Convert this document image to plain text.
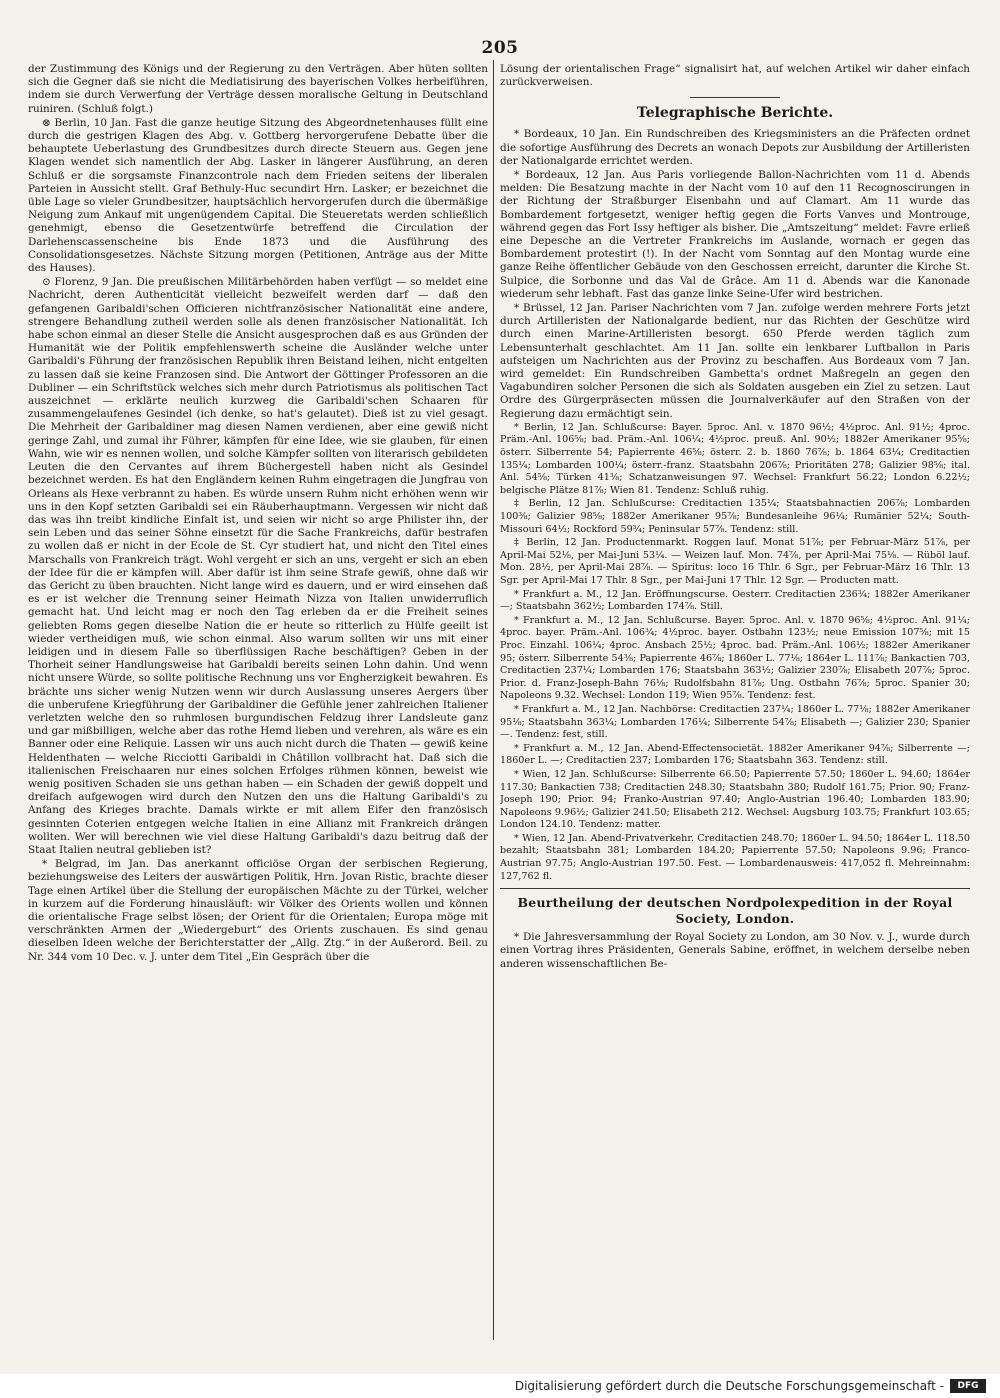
205

der Zustimmung des Königs und der Regierung zu den Verträgen. Aber hüten sollten sich die Gegner daß sie nicht die Mediatisirung des bayerischen Volkes herbeiführen, indem sie durch Verwerfung der Verträge dessen moralische Geltung in Deutschland ruiniren. (Schluß folgt.)

⊗ Berlin, 10 Jan. Fast die ganze heutige Sitzung des Abgeordnetenhauses füllt eine durch die gestrigen Klagen des Abg. v. Gottberg hervorgerufene Debatte über die behauptete Ueberlastung des Grundbesitzes durch directe Steuern aus. Gegen jene Klagen wendet sich namentlich der Abg. Lasker in längerer Ausführung, an deren Schluß er die sorgsamste Finanzcontrole nach dem Frieden seitens der liberalen Parteien in Aussicht stellt. Graf Bethuly-Huc secundirt Hrn. Lasker; er bezeichnet die üble Lage so vieler Grundbesitzer, hauptsächlich hervorgerufen durch die übermäßige Neigung zum Ankauf mit ungenügendem Capital. Die Steueretats werden schließlich genehmigt, ebenso die Gesetzentwürfe betreffend die Circulation der Darlehenscassenscheine bis Ende 1873 und die Ausführung des Consolidationsgesetzes. Nächste Sitzung morgen (Petitionen, Anträge aus der Mitte des Hauses).

⊙ Florenz, 9 Jan. Die preußischen Militärbehörden haben verfügt — so meldet eine Nachricht, deren Authenticität vielleicht bezweifelt werden darf — daß den gefangenen Garibaldi'schen Officieren nichtfranzösischer Nationalität eine andere, strengere Behandlung zutheil werden solle als denen französischer Nationalität. Ich habe schon einmal an dieser Stelle die Ansicht ausgesprochen daß es aus Gründen der Humanität wie der Politik empfehlenswerth scheine die Ausländer welche unter Garibaldi's Führung der französischen Republik ihren Beistand leihen, nicht entgelten zu lassen daß sie keine Franzosen sind. Die Antwort der Göttinger Professoren an die Dubliner — ein Schriftstück welches sich mehr durch Patriotismus als politischen Tact auszeichnet — erklärte neulich kurzweg die Garibaldi'schen Schaaren für zusammengelaufenes Gesindel (ich denke, so hat's gelautet). Dieß ist zu viel gesagt. Die Mehrheit der Garibaldiner mag diesen Namen verdienen, aber eine gewiß nicht geringe Zahl, und zumal ihr Führer, kämpfen für eine Idee, wie sie glauben, für einen Wahn, wie wir es nennen wollen, und solche Kämpfer sollten von literarisch gebildeten Leuten die den Cervantes auf ihrem Büchergestell haben nicht als Gesindel bezeichnet werden. Es hat den Engländern keinen Ruhm eingetragen die Jungfrau von Orleans als Hexe verbrannt zu haben. Es würde unsern Ruhm nicht erhöhen wenn wir uns in den Kopf setzten Garibaldi sei ein Räuberhauptmann. Vergessen wir nicht daß das was ihn treibt kindliche Einfalt ist, und seien wir nicht so arge Philister ihn, der sein Leben und das seiner Söhne einsetzt für die Sache Frankreichs, dafür bestrafen zu wollen daß er nicht in der Ecole de St. Cyr studiert hat, und nicht den Titel eines Marschalls von Frankreich trägt. Wohl vergeht er sich an uns, vergeht er sich an eben der Idee für die er kämpfen will. Aber dafür ist ihm seine Strafe gewiß, ohne daß wir das Gericht zu üben brauchten. Nicht lange wird es dauern, und er wird einsehen daß es er ist welcher die Trennung seiner Heimath Nizza von Italien unwiderruflich gemacht hat. Und leicht mag er noch den Tag erleben da er die Freiheit seines geliebten Roms gegen dieselbe Nation die er heute so ritterlich zu Hülfe geeilt ist wieder vertheidigen muß, wie schon einmal. Also warum sollten wir uns mit einer leidigen und in diesem Falle so überflüssigen Rache beschäftigen? Geben in der Thorheit seiner Handlungsweise hat Garibaldi bereits seinen Lohn dahin. Und wenn nicht unsere Würde, so sollte politische Rechnung uns vor Engherzigkeit bewahren. Es brächte uns sicher wenig Nutzen wenn wir durch Auslassung unseres Aergers über die unberufene Kriegführung der Garibaldiner die Gefühle jener zahlreichen Italiener verletzten welche den so ruhmlosen burgundischen Feldzug ihrer Landsleute ganz und gar mißbilligen, welche aber das rothe Hemd lieben und verehren, als wäre es ein Banner oder eine Reliquie. Lassen wir uns auch nicht durch die Thaten — gewiß keine Heldenthaten — welche Ricciotti Garibaldi in Châtillon vollbracht hat. Daß sich die italienischen Freischaaren nur eines solchen Erfolges rühmen können, beweist wie wenig positiven Schaden sie uns gethan haben — ein Schaden der gewiß doppelt und dreifach aufgewogen wird durch den Nutzen den uns die Haltung Garibaldi's zu Anfang des Krieges brachte. Damals wirkte er mit allem Eifer den französisch gesinnten Coterien entgegen welche Italien in eine Allianz mit Frankreich drängen wollten. Wer will berechnen wie viel diese Haltung Garibaldi's dazu beitrug daß der Staat Italien neutral geblieben ist?

* Belgrad, im Jan. Das anerkannt officiöse Organ der serbischen Regierung, beziehungsweise des Leiters der auswärtigen Politik, Hrn. Jovan Ristic, brachte dieser Tage einen Artikel über die Stellung der europäischen Mächte zu der Türkei, welcher in kurzem auf die Forderung hinausläuft: wir Völker des Orients wollen und können die orientalische Frage selbst lösen; der Orient für die Orientalen; Europa möge mit verschränkten Armen der „Wiedergeburt“ des Orients zuschauen. Es sind genau dieselben Ideen welche der Berichterstatter der „Allg. Ztg.“ in der Außerord. Beil. zu Nr. 344 vom 10 Dec. v. J. unter dem Titel „Ein Gespräch über die

Lösung der orientalischen Frage“ signalisirt hat, auf welchen Artikel wir daher einfach zurückverweisen.

Telegraphische Berichte.

* Bordeaux, 10 Jan. Ein Rundschreiben des Kriegsministers an die Präfecten ordnet die sofortige Ausführung des Decrets an wonach Depots zur Ausbildung der Artilleristen der Nationalgarde errichtet werden.

* Bordeaux, 12 Jan. Aus Paris vorliegende Ballon-Nachrichten vom 11 d. Abends melden: Die Besatzung machte in der Nacht vom 10 auf den 11 Recognoscirungen in der Richtung der Straßburger Eisenbahn und auf Clamart. Am 11 wurde das Bombardement fortgesetzt, weniger heftig gegen die Forts Vanves und Montrouge, während gegen das Fort Issy heftiger als bisher. Die „Amtszeitung“ meldet: Favre erließ eine Depesche an die Vertreter Frankreichs im Auslande, wornach er gegen das Bombardement protestirt (!). In der Nacht vom Sonntag auf den Montag wurde eine ganze Reihe öffentlicher Gebäude von den Geschossen erreicht, darunter die Kirche St. Sulpice, die Sorbonne und das Val de Grâce. Am 11 d. Abends war die Kanonade wiederum sehr lebhaft. Fast das ganze linke Seine-Ufer wird bestrichen.

* Brüssel, 12 Jan. Pariser Nachrichten vom 7 Jan. zufolge werden mehrere Forts jetzt durch Artilleristen der Nationalgarde bedient, nur das Richten der Geschütze wird durch einen Marine-Artilleristen besorgt. 650 Pferde werden täglich zum Lebensunterhalt geschlachtet. Am 11 Jan. sollte ein lenkbarer Luftballon in Paris aufsteigen um Nachrichten aus der Provinz zu beschaffen. Aus Bordeaux vom 7 Jan. wird gemeldet: Ein Rundschreiben Gambetta's ordnet Maßregeln an gegen den Vagabundiren solcher Personen die sich als Soldaten ausgeben ein Ziel zu setzen. Laut Ordre des Gürgerpräsecten müssen die Journalverkäufer auf den Straßen von der Regierung dazu ermächtigt sein.

* Berlin, 12 Jan. Schlußcurse: Bayer. 5proc. Anl. v. 1870 96½; 4½proc. Anl. 91½; 4proc. Präm.-Anl. 106⅝; bad. Präm.-Anl. 106¼; 4½proc. preuß. Anl. 90½; 1882er Amerikaner 95⅝; österr. Silberrente 54; Papierrente 46⅝; österr. 2. b. 1860 76⅞; b. 1864 63¼; Creditactien 135¼; Lombarden 100¼; österr.-franz. Staatsbahn 206⅞; Prioritäten 278; Galizier 98⅝; ital. Anl. 54⅝; Türken 41⅜; Schatzanweisungen 97. Wechsel: Frankfurt 56.22; London 6.22½; belgische Plätze 81⅞; Wien 81. Tendenz: Schluß ruhig.

‡ Berlin, 12 Jan. Schlußcurse: Creditactien 135¼; Staatsbahnactien 206⅞; Lombarden 100⅜; Galizier 98⅝; 1882er Amerikaner 95⅞; Bundesanleihe 96¼; Rumänier 52¼; South-Missouri 64½; Rockford 59¾; Peninsular 57⅞. Tendenz: still.

‡ Berlin, 12 Jan. Productenmarkt. Roggen lauf. Monat 51⅞; per Februar-März 51⅞, per April-Mai 52⅛, per Mai-Juni 53¼. — Weizen lauf. Mon. 74⅞, per April-Mai 75⅛. — Rüböl lauf. Mon. 28½, per April-Mai 28⅞. — Spiritus: loco 16 Thlr. 6 Sgr., per Februar-März 16 Thlr. 13 Sgr. per April-Mai 17 Thlr. 8 Sgr., per Mai-Juni 17 Thlr. 12 Sgr. — Producten matt.

* Frankfurt a. M., 12 Jan. Eröffnungscurse. Oesterr. Creditactien 236¾; 1882er Amerikaner —; Staatsbahn 362½; Lombarden 174⅞. Still.

* Frankfurt a. M., 12 Jan. Schlußcurse. Bayer. 5proc. Anl. v. 1870 96⅝; 4½proc. Anl. 91¼; 4proc. bayer. Präm.-Anl. 106¾; 4½proc. bayer. Ostbahn 123½; neue Emission 107⅝; mit 15 Proc. Einzahl. 106¼; 4proc. Ansbach 25½; 4proc. bad. Präm.-Anl. 106½; 1882er Amerikaner 95; österr. Silberrente 54⅜; Papierrente 46⅞; 1860er L. 77⅛; 1864er L. 111⅞; Bankactien 703, Creditactien 237¼; Lombarden 176; Staatsbahn 363½; Galizier 230⅞; Elisabeth 207⅞; 5proc. Prior. d. Franz-Joseph-Bahn 76⅛; Rudolfsbahn 81⅞; Ung. Ostbahn 76⅞; 5proc. Spanier 30; Napoleons 9.32. Wechsel: London 119; Wien 95⅞. Tendenz: fest.

* Frankfurt a. M., 12 Jan. Nachbörse: Creditactien 237¼; 1860er L. 77⅛; 1882er Amerikaner 95⅛; Staatsbahn 363¼; Lombarden 176¼; Silberrente 54⅞; Elisabeth —; Galizier 230; Spanier —. Tendenz: fest, still.

* Frankfurt a. M., 12 Jan. Abend-Effectensocietät. 1882er Amerikaner 94⅞; Silberrente —; 1860er L. —; Creditactien 237; Lombarden 176; Staatsbahn 363. Tendenz: still.

* Wien, 12 Jan. Schlußcurse: Silberrente 66.50; Papierrente 57.50; 1860er L. 94.60; 1864er 117.30; Bankactien 738; Creditactien 248.30; Staatsbahn 380; Rudolf 161.75; Prior. 90; Franz-Joseph 190; Prior. 94; Franko-Austrian 97.40; Anglo-Austrian 196.40; Lombarden 183.90; Napoleons 9.96½; Galizier 241.50; Elisabeth 212. Wechsel: Augsburg 103.75; Frankfurt 103.65; London 124.10. Tendenz: matter.

* Wien, 12 Jan. Abend-Privatverkehr. Creditactien 248.70; 1860er L. 94.50; 1864er L. 118.50 bezahlt; Staatsbahn 381; Lombarden 184.20; Papierrente 57.50; Napoleons 9.96; Franco-Austrian 97.75; Anglo-Austrian 197.50. Fest. — Lombardenausweis: 417,052 fl. Mehreinnahm: 127,762 fl.

Beurtheilung der deutschen Nordpolexpedition in der Royal Society, London.

* Die Jahresversammlung der Royal Society zu London, am 30 Nov. v. J., wurde durch einen Vortrag ihres Präsidenten, Generals Sabine, eröffnet, in welchem derselbe neben anderen wissenschaftlichen Be-

Digitalisierung gefördert durch die Deutsche Forschungsgemeinschaft -	DFG
